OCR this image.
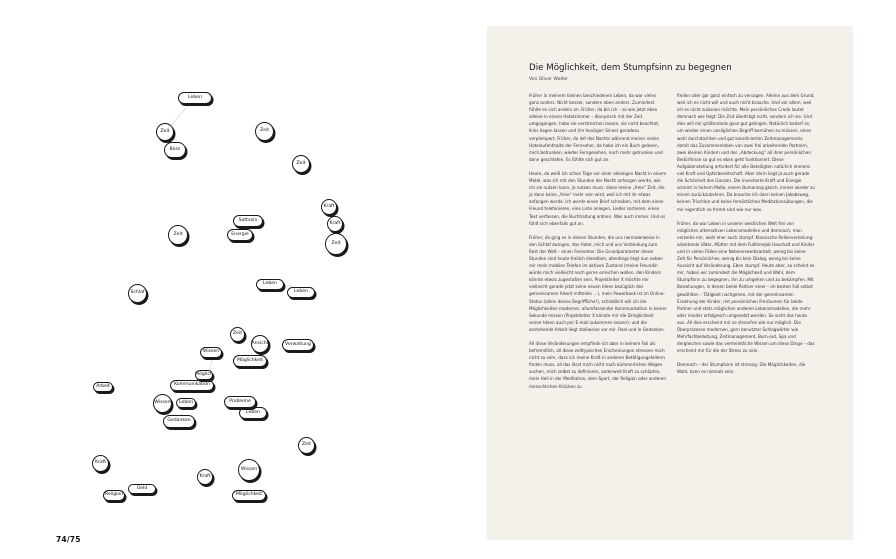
Leben
Zeit	Zeit
Boss
Zeit
Kraft
Kraft
Zeit
Sattsein
Energie
Zeit
Schlaf
Leben
Leben
Zeit
Ansicht	Verwaltung
Wissen
Möglichkeit
Kommunikation
Möglich
Arbeit
Leben
Wissen
Gedanken
Probleme
Leben
Zeit
Kraft
Geld
Kraft
Wissen
Religion	Möglichkeit
74/75
Die Möglichkeit, dem Stumpfsinn zu begegnen
Von Oliver Wolter

Früher in meinem kleinen beschiedenen Leben, da war vieles ganz anders. Nicht besser, sondern eben anders. Zumindest fühlte es sich anders an. Früher, da bin ich – so wie jetzt eben alleine in einem Hotelzimmer – dionysisch mit der Zeit umgegangen, habe sie verstreichen lassen, sie nicht beachtet, links liegen lassen und (im heutigen Sinne) geradezu verplempert. Früher, da lief des Nachts während meiner vielen Hotelaufenthalte der Fernseher, da habe ich ein Buch gelesen, mich betrunken, wieder Ferngesehen, noch mehr getrunken und dann geschlafen. Es fühlte sich gut an.

Heute, da weiß ich schon Tage vor einer alleinigen Nacht in einem Motel, was ich mit den Stunden der Nacht anfangen werde, wie ich sie nutzen kann, je nutzen muss, diese meine „freie“ Zeit, die ja dann keine „freie“ mehr sein wird, weil ich mit ihr etwas anfangen werde. Ich werde einen Brief schreiben, mit dem einen Freund telefonieren, eine Liste anlegen, Lieder sortieren, einen Text verfassen, die Buchhaltung ordnen. Was auch immer. Und es fühlt sich ebenfalls gut an.

Früher, da ging es in diesen Stunden, die uns normalerweise in den Schlaf zwingen, das Hotel, mich und uns Verbindung zum Rest der Welt – einen Fernseher. Die Grundparameter dieser Stunden sind heute freilich dieselben, allerdings liegt nun neben mir mein mobiles Telefon im aktiven Zustand (meine Freundin würde mich vielleicht noch gerne erreichen wollen, den Kindern könnte etwas zugestoßen sein, Projektleiter X möchte mir vielleicht gerade jetzt seine neuen Ideen bezüglich des gemeinsamen Arbeit mitteilen …), mein Powerbook ist im Online-Status (allein dieses Begriffliche!), schließlich will ich die Möglichkeiten moderner, allumfassender Kommunikation in keiner Sekunde missen (Projektleiter X könnte mir die Dringlichkeit seiner Ideen auch per E-mail zukommen lassen); und die anstehende Arbeit liegt stoßweise vor mir. Real und in Gedanken.

All diese Veränderungen empfinde ich aber in keinem Fall als befremdlich, all diese zeittypischen Erscheinungen stressen mich nicht so sehr, dass ich meine Kraft in anderen Betätigungsfeldern finden muss, all das lässt mich nicht nach kümmerlichen Wegen suchen, mich selbst zu definieren, anderweit Kraft zu schöpfen, mein Heil in der Meditation, dem Sport, der Religion oder anderen menschlichen Krücken zu

finden oder gar ganz einfach zu versagen. Alleine aus dem Grund, weil ich es nicht will und auch nicht brauche. Und vor allem, weil ich es nicht zulassen möchte. Mein persönliches Credo lautet demnach wie folgt: Die Zeit überträgt nicht, sondern ich sie. Und dies will mir größtenteils ganz gut gelingen. Natürlich bedarf es, um wieder einen unsäglichen Begriff bemühen zu müssen, eines wohl durchdachten und gut koordinierten Zeitmanagements, damit das Zusammenleben von zwei frei arbeitenden Partnern, zwei kleinen Kindern und der „Abdeckung“ all ihrer persönlichen Bedürfnisse so gut es eben geht funktioniert. Diese Aufgabenstellung erfordert für alle Beteiligten natürlich immens viel Kraft und Opferbereitschaft. Aber darin liegt ja auch gerade die Schönheit des Ganzen. Die investierte Kraft und Energie scheint in hohem Maße, einem Bumerang gleich, immer wieder zu einem zurückzukehren. Da brauche ich dann keinen Jakobsweg, keinen Trischlon und keine fernöstlichen Meditationsübungen, die mir eigentlich so fremd sind wie nur was.

Früher, da war Leben in unserer westlichen Welt frei von möglichen alternativen Lebensmodellen und demnach, man verzeihe mir, wohl eher auch stumpf. Klassische Rollenverteilung: arbeitende Väter, Mütter mit dem Fulltimejob Haushalt und Kinder und in vielen Fällen eine Nebenerwerbsarbeit, wenig bis keine Zeit für Persönliches, wenig bis kein Dialog, wenig bis keine Aussicht auf Veränderung. Eben stumpf. Heute aber, so scheint es mir, haben wir zumindest die Möglichkeit und Wahl, dem Stumpfsinn zu begegnen, ihn zu umgehen und zu bekämpfen. Mit Beziehungen, in denen beide Partner einer – im besten Fall selbst gewählten – Tätigkeit nachgehen, mit der gemeinsamen Erziehung der Kinder, mit persönlichen Freiräumen für beide Partner und stets möglichen anderen Lebensmodellen, die mehr oder minder erfolgreich umgesetzt werden. So sieht das heute aus. All dies erscheint mir so stressfrei wie nur möglich. Die Überprozesse modernen, gern benutzter Schlagwörter wie Mehrfachbelastung, Zeitmanagement, Burn-out, Spa und dergleichen sowie das vermeintliche Wissen um diese Dinge – das erscheint mir für die der Stress zu sein.

Demnach – der Stumpfsinn ist stressig. Die Möglichkeiten, die Wahl, kann es niemals sein.
